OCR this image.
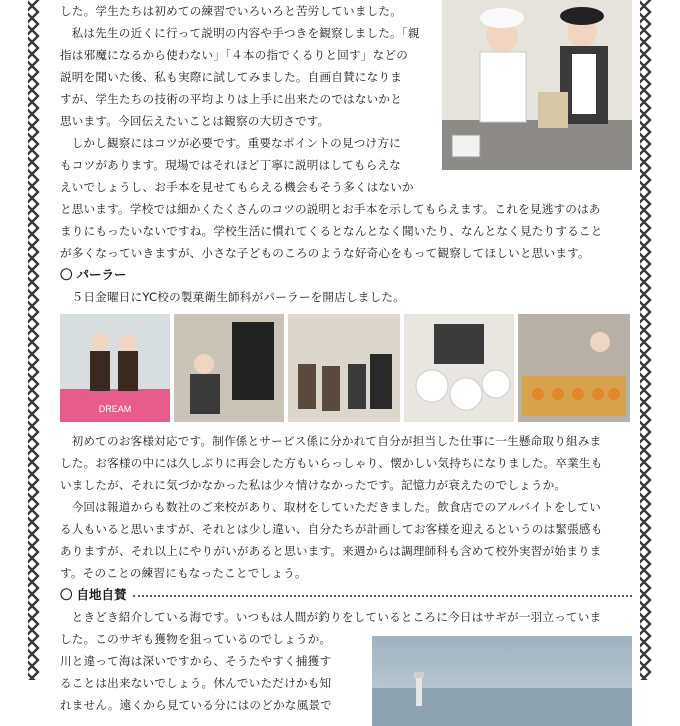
した。学生たちは初めての練習でいろいろと苦労していました。

私は先生の近くに行って説明の内容や手つきを観察しました。「親

指は邪魔になるから使わない」「４本の指でくるりと回す」などの

説明を聞いた後、私も実際に試してみました。自画自賛になりま

すが、学生たちの技術の平均よりは上手に出来たのではないかと

思います。今回伝えたいことは観察の大切さです。

しかし観察にはコツが必要です。重要なポイントの見つけ方に

もコツがあります。現場ではそれほど丁寧に説明はしてもらえな

えいでしょうし、お手本を見せてもらえる機会もそう多くはないか

と思います。学校では細かくたくさんのコツの説明とお手本を示してもらえます。これを見逃すのはあ

まりにもったいないですね。学校生活に慣れてくるとなんとなく聞いたり、なんとなく見たりすること

が多くなっていきますが、小さな子どものころのような好奇心をもって観察してほしいと思います。

〇 パーラー

５日金曜日にYC校の製菓衛生師科がパーラーを開店しました。

DREAM

初めてのお客様対応です。制作係とサービス係に分かれて自分が担当した仕事に一生懸命取り組みま

した。お客様の中には久しぶりに再会した方もいらっしゃり、懐かしい気持ちになりました。卒業生も

いましたが、それに気づかなかった私は少々情けなかったです。記憶力が衰えたのでしょうか。

今回は報道からも数社のご来校があり、取材をしていただきました。飲食店でのアルバイトをしてい

る人もいると思いますが、それとは少し違い、自分たちが計画してお客様を迎えるというのは緊張感も

ありますが、それ以上にやりがいがあると思います。来週からは調理師科も含めて校外実習が始まりま

す。そのことの練習にもなったことでしょう。

〇 自地自賛

ときどき紹介している海です。いつもは人間が釣りをしているところに今日はサギが一羽立っていま

した。このサギも獲物を狙っているのでしょうか。

川と違って海は深いですから、そうたやすく捕獲す

ることは出来ないでしょう。休んでいただけかも知

れません。遠くから見ている分にはのどかな風景で
